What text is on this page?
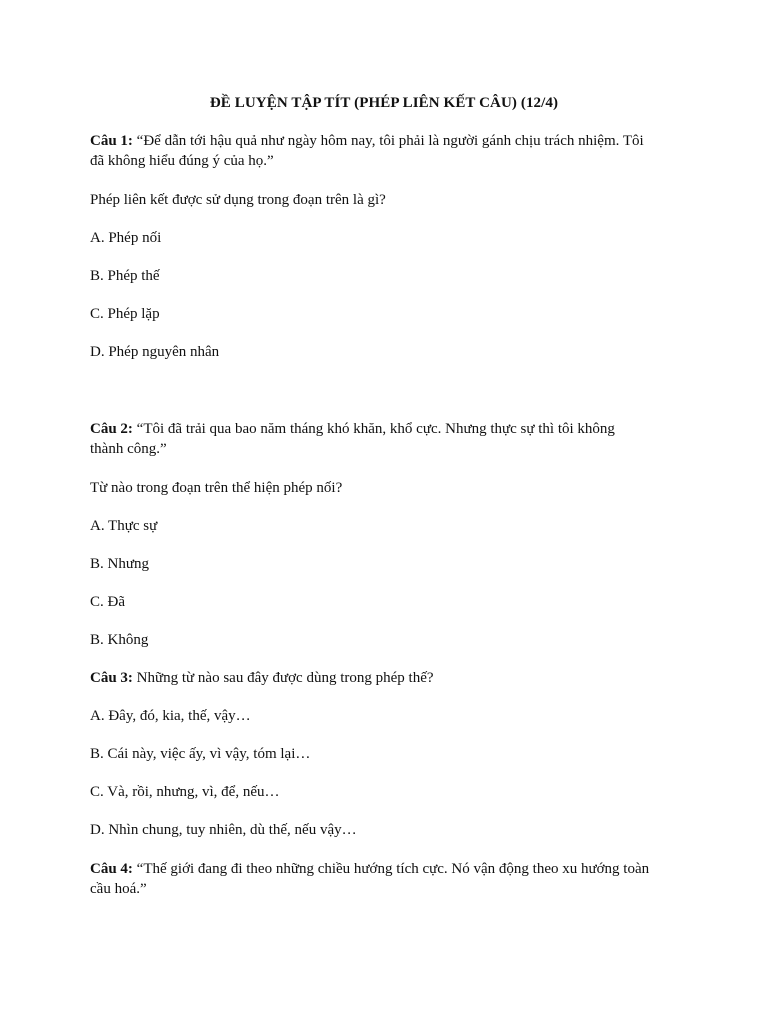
ĐỀ LUYỆN TẬP TÍT (PHÉP LIÊN KẾT CÂU) (12/4)
Câu 1: “Để dẫn tới hậu quả như ngày hôm nay, tôi phải là người gánh chịu trách nhiệm. Tôi đã không hiểu đúng ý của họ.”
Phép liên kết được sử dụng trong đoạn trên là gì?
A. Phép nối
B. Phép thế
C. Phép lặp
D. Phép nguyên nhân
Câu 2: “Tôi đã trải qua bao năm tháng khó khăn, khổ cực. Nhưng thực sự thì tôi không thành công.”
Từ nào trong đoạn trên thể hiện phép nối?
A. Thực sự
B. Nhưng
C. Đã
B. Không
Câu 3: Những từ nào sau đây được dùng trong phép thế?
A. Đây, đó, kia, thế, vậy…
B. Cái này, việc ấy, vì vậy, tóm lại…
C. Và, rồi, nhưng, vì, để, nếu…
D. Nhìn chung, tuy nhiên, dù thế, nếu vậy…
Câu 4: “Thế giới đang đi theo những chiều hướng tích cực. Nó vận động theo xu hướng toàn cầu hoá.”
